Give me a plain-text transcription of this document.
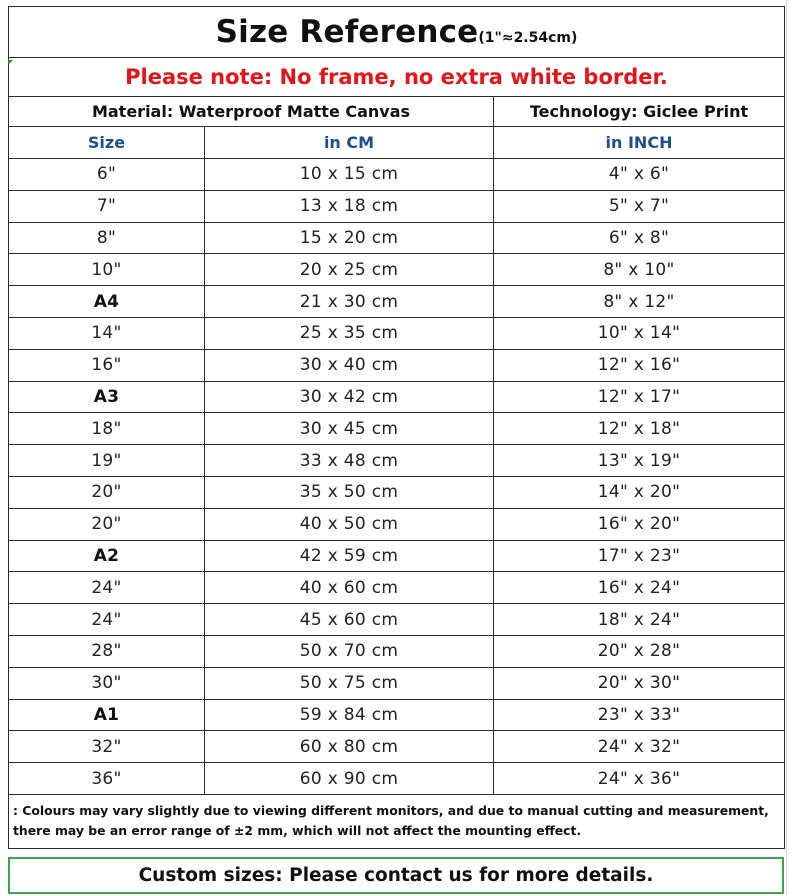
Size Reference(1"≈2.54cm)		
Please note: No frame, no extra white border.		
Material: Waterproof Matte Canvas		Technology: Giclee Print
Size	in CM	in INCH
6"	10 x 15 cm	4" x 6"
7"	13 x 18 cm	5" x 7"
8"	15 x 20 cm	6" x 8"
10"	20 x 25 cm	8" x 10"
A4	21 x 30 cm	8" x 12"
14"	25 x 35 cm	10" x 14"
16"	30 x 40 cm	12" x 16"
A3	30 x 42 cm	12" x 17"
18"	30 x 45 cm	12" x 18"
19"	33 x 48 cm	13" x 19"
20"	35 x 50 cm	14" x 20"
20"	40 x 50 cm	16" x 20"
A2	42 x 59 cm	17" x 23"
24"	40 x 60 cm	16" x 24"
24"	45 x 60 cm	18" x 24"
28"	50 x 70 cm	20" x 28"
30"	50 x 75 cm	20" x 30"
A1	59 x 84 cm	23" x 33"
32"	60 x 80 cm	24" x 32"
36"	60 x 90 cm	24" x 36"
: Colours may vary slightly due to viewing different monitors, and due to manual cutting and measurement, there may be an error range of ±2 mm, which will not affect the mounting effect.		
Custom sizes: Please contact us for more details.
